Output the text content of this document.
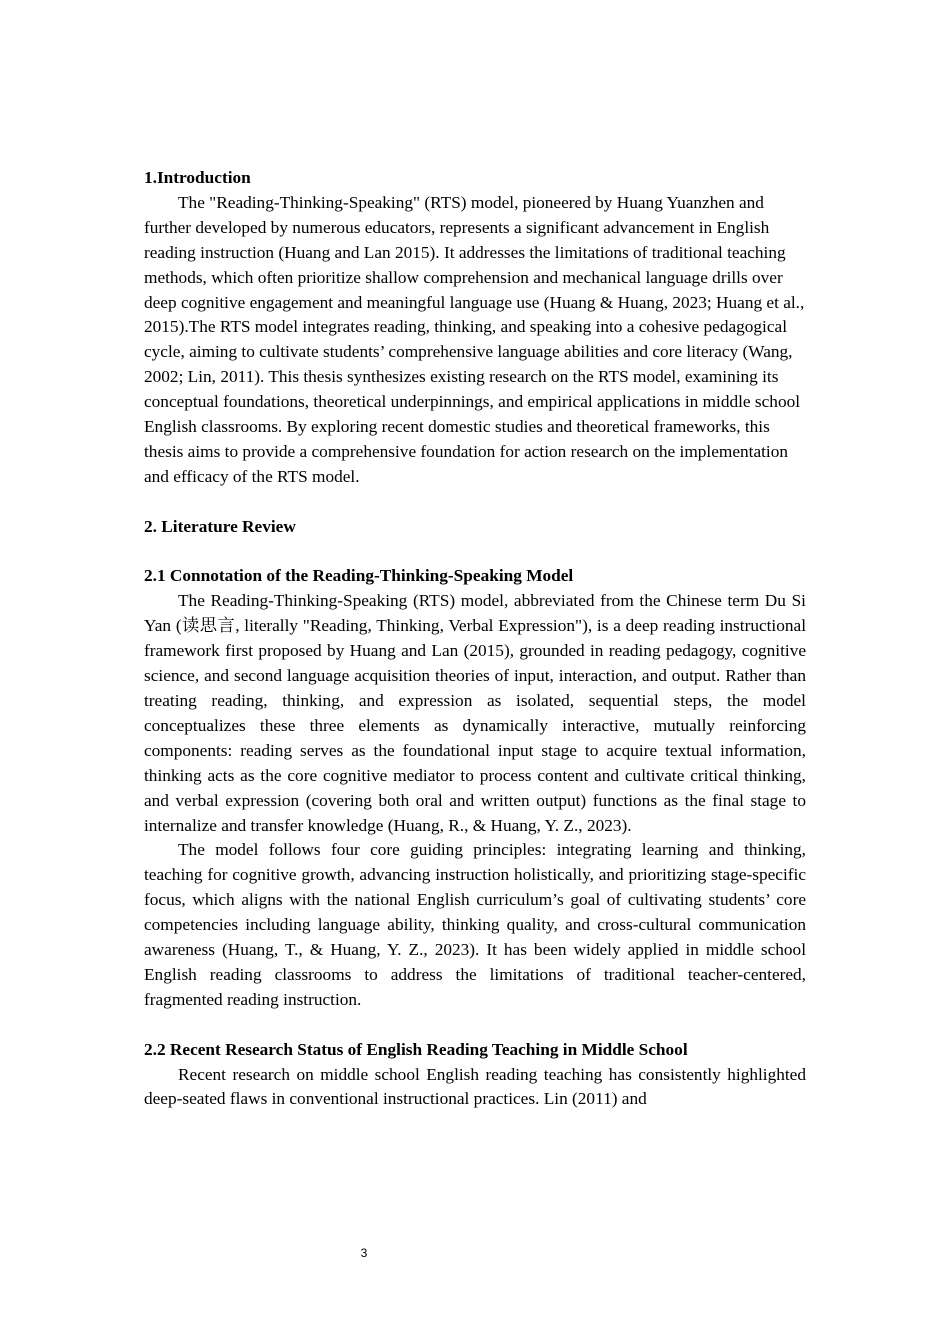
1.Introduction

The "Reading-Thinking-Speaking" (RTS) model, pioneered by Huang Yuanzhen and further developed by numerous educators, represents a significant advancement in English reading instruction (Huang and Lan 2015). It addresses the limitations of traditional teaching methods, which often prioritize shallow comprehension and mechanical language drills over deep cognitive engagement and meaningful language use (Huang & Huang, 2023; Huang et al., 2015).The RTS model integrates reading, thinking, and speaking into a cohesive pedagogical cycle, aiming to cultivate students’ comprehensive language abilities and core literacy (Wang, 2002; Lin, 2011). This thesis synthesizes existing research on the RTS model, examining its conceptual foundations, theoretical underpinnings, and empirical applications in middle school English classrooms. By exploring recent domestic studies and theoretical frameworks, this thesis aims to provide a comprehensive foundation for action research on the implementation and efficacy of the RTS model.

2. Literature Review

2.1 Connotation of the Reading-Thinking-Speaking Model

The Reading-Thinking-Speaking (RTS) model, abbreviated from the Chinese term Du Si Yan (读思言, literally "Reading, Thinking, Verbal Expression"), is a deep reading instructional framework first proposed by Huang and Lan (2015), grounded in reading pedagogy, cognitive science, and second language acquisition theories of input, interaction, and output. Rather than treating reading, thinking, and expression as isolated, sequential steps, the model conceptualizes these three elements as dynamically interactive, mutually reinforcing components: reading serves as the foundational input stage to acquire textual information, thinking acts as the core cognitive mediator to process content and cultivate critical thinking, and verbal expression (covering both oral and written output) functions as the final stage to internalize and transfer knowledge (Huang, R., & Huang, Y. Z., 2023).

The model follows four core guiding principles: integrating learning and thinking, teaching for cognitive growth, advancing instruction holistically, and prioritizing stage-specific focus, which aligns with the national English curriculum’s goal of cultivating students’ core competencies including language ability, thinking quality, and cross-cultural communication awareness (Huang, T., & Huang, Y. Z., 2023). It has been widely applied in middle school English reading classrooms to address the limitations of traditional teacher-centered, fragmented reading instruction.

2.2 Recent Research Status of English Reading Teaching in Middle School

Recent research on middle school English reading teaching has consistently highlighted deep-seated flaws in conventional instructional practices. Lin (2011) and

3
